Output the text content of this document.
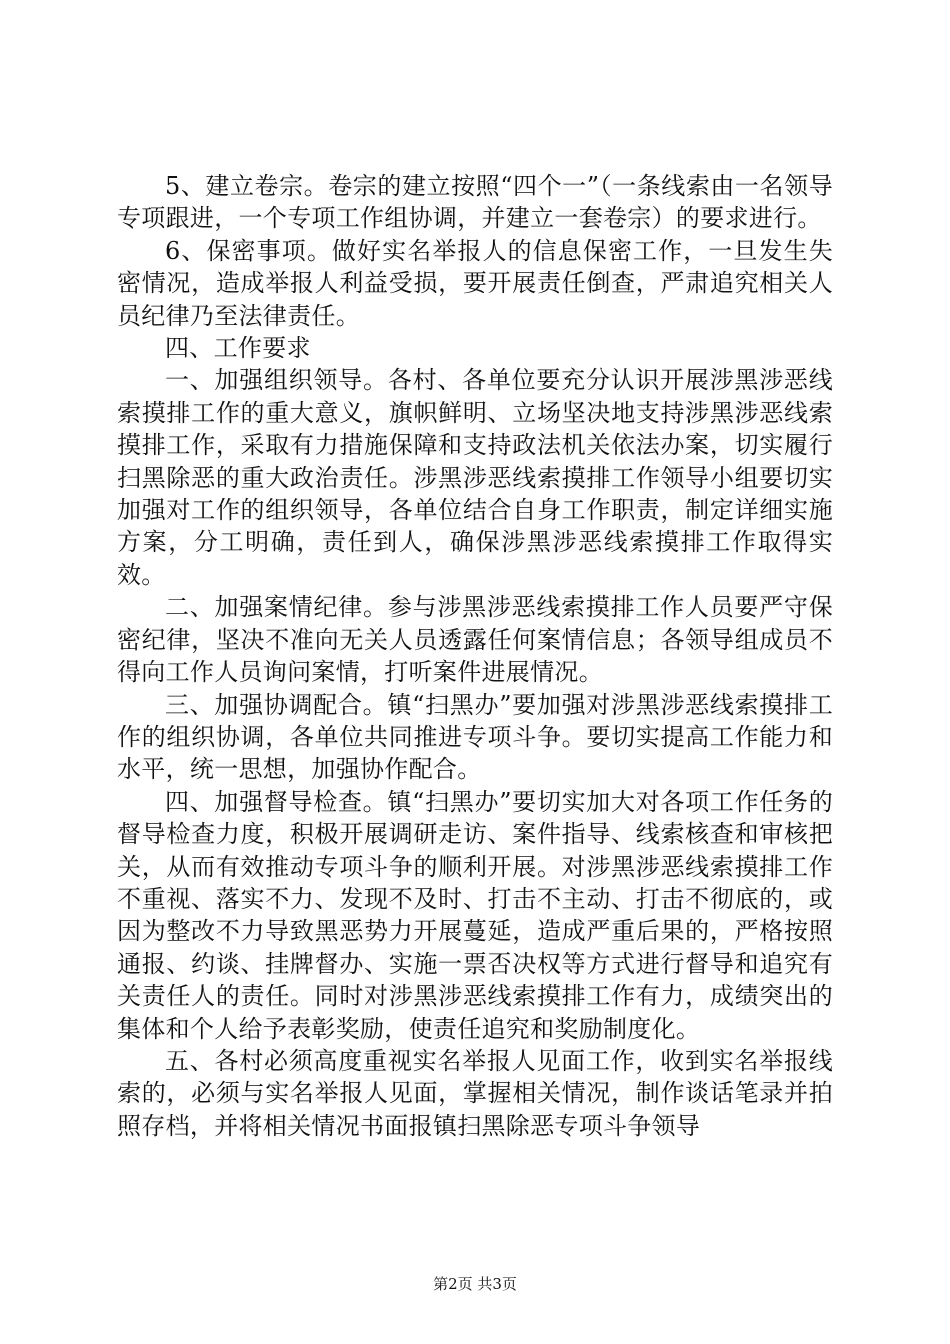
5、建立卷宗。卷宗的建立按照“四个一”（一条线索由一名领导专项跟进，一个专项工作组协调，并建立一套卷宗）的要求进行。

6、保密事项。做好实名举报人的信息保密工作，一旦发生失密情况，造成举报人利益受损，要开展责任倒查，严肃追究相关人员纪律乃至法律责任。

四、工作要求

一、加强组织领导。各村、各单位要充分认识开展涉黑涉恶线索摸排工作的重大意义，旗帜鲜明、立场坚决地支持涉黑涉恶线索摸排工作，采取有力措施保障和支持政法机关依法办案，切实履行扫黑除恶的重大政治责任。涉黑涉恶线索摸排工作领导小组要切实加强对工作的组织领导，各单位结合自身工作职责，制定详细实施方案，分工明确，责任到人，确保涉黑涉恶线索摸排工作取得实效。

二、加强案情纪律。参与涉黑涉恶线索摸排工作人员要严守保密纪律，坚决不准向无关人员透露任何案情信息；各领导组成员不得向工作人员询问案情，打听案件进展情况。

三、加强协调配合。镇“扫黑办”要加强对涉黑涉恶线索摸排工作的组织协调，各单位共同推进专项斗争。要切实提高工作能力和水平，统一思想，加强协作配合。

四、加强督导检查。镇“扫黑办”要切实加大对各项工作任务的督导检查力度，积极开展调研走访、案件指导、线索核查和审核把关，从而有效推动专项斗争的顺利开展。对涉黑涉恶线索摸排工作不重视、落实不力、发现不及时、打击不主动、打击不彻底的，或因为整改不力导致黑恶势力开展蔓延，造成严重后果的，严格按照通报、约谈、挂牌督办、实施一票否决权等方式进行督导和追究有关责任人的责任。同时对涉黑涉恶线索摸排工作有力，成绩突出的集体和个人给予表彰奖励，使责任追究和奖励制度化。

五、各村必须高度重视实名举报人见面工作，收到实名举报线索的，必须与实名举报人见面，掌握相关情况，制作谈话笔录并拍照存档，并将相关情况书面报镇扫黑除恶专项斗争领导

第2页 共3页
